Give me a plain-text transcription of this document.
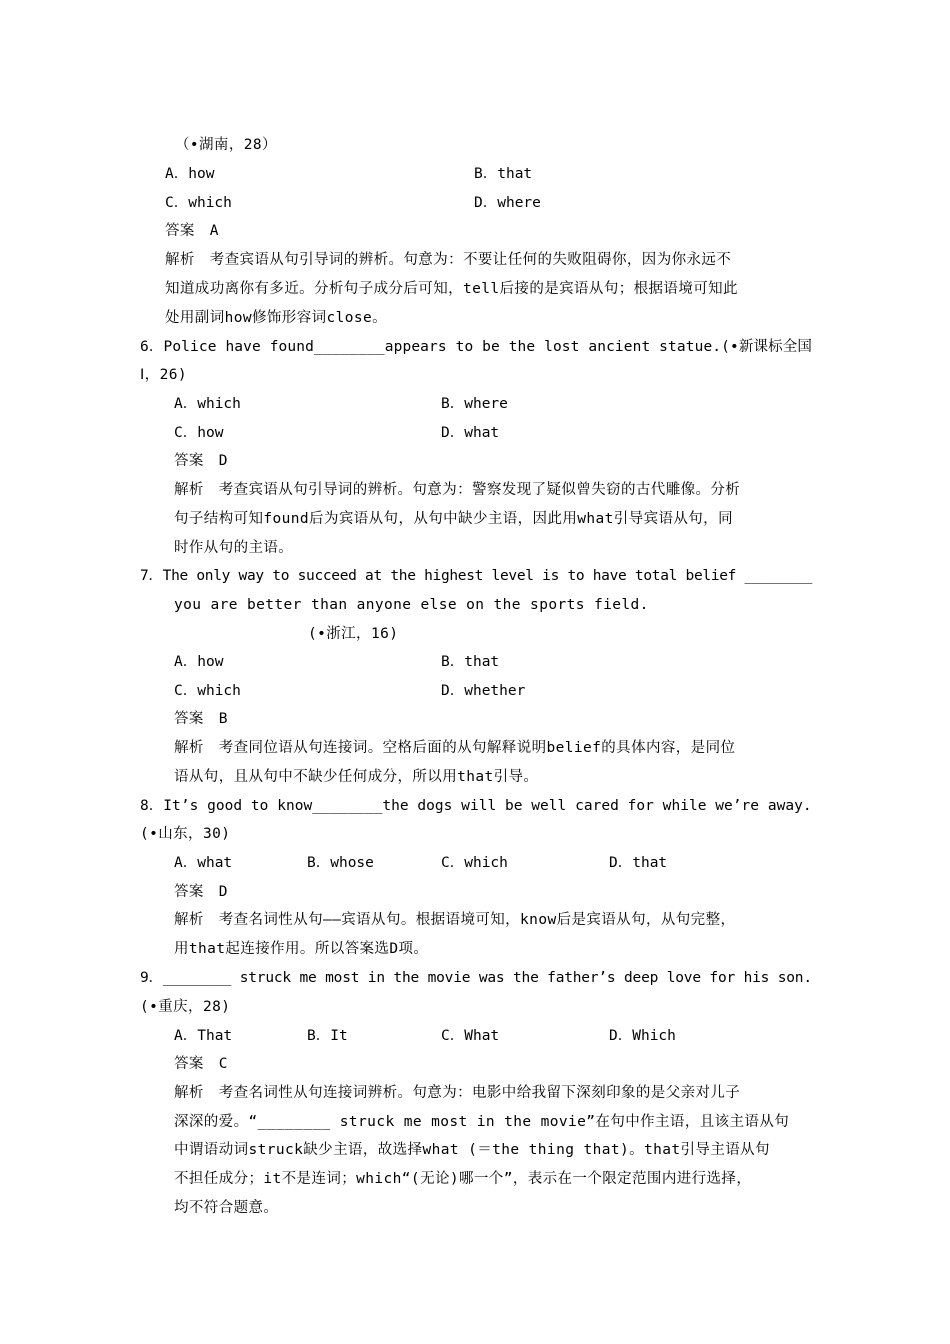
（•湖南，28）
A．how	B．that
C．which	D．where
答案　A
解析　考查宾语从句引导词的辨析。句意为：不要让任何的失败阻碍你，因为你永远不
知道成功离你有多近。分析句子成分后可知，tell后接的是宾语从句；根据语境可知此
处用副词how修饰形容词close。
6．Police have found________appears to be the lost ancient statue.(•新课标全国
Ⅰ，26)
A．which	B．where
C．how	D．what
答案　D
解析　考查宾语从句引导词的辨析。句意为：警察发现了疑似曾失窃的古代雕像。分析
句子结构可知found后为宾语从句，从句中缺少主语，因此用what引导宾语从句，同
时作从句的主语。
7．The only way to succeed at the highest level is to have total belief ________
you are better than anyone else on the sports field.
(•浙江，16)
A．how	B．that
C．which	D．whether
答案　B
解析　考查同位语从句连接词。空格后面的从句解释说明belief的具体内容，是同位
语从句，且从句中不缺少任何成分，所以用that引导。
8．It’s good to know________the dogs will be well cared for while we’re away.
(•山东，30)
A．what	B．whose	C．which	D．that
答案　D
解析　考查名词性从句——宾语从句。根据语境可知，know后是宾语从句，从句完整，
用that起连接作用。所以答案选D项。
9．________ struck me most in the movie was the father’s deep love for his son.
(•重庆，28)
A．That	B．It	C．What	D．Which
答案　C
解析　考查名词性从句连接词辨析。句意为：电影中给我留下深刻印象的是父亲对儿子
深深的爱。“________ struck me most in the movie”在句中作主语，且该主语从句
中谓语动词struck缺少主语，故选择what (＝the thing that)。that引导主语从句
不担任成分；it不是连词；which“(无论)哪一个”，表示在一个限定范围内进行选择，
均不符合题意。
